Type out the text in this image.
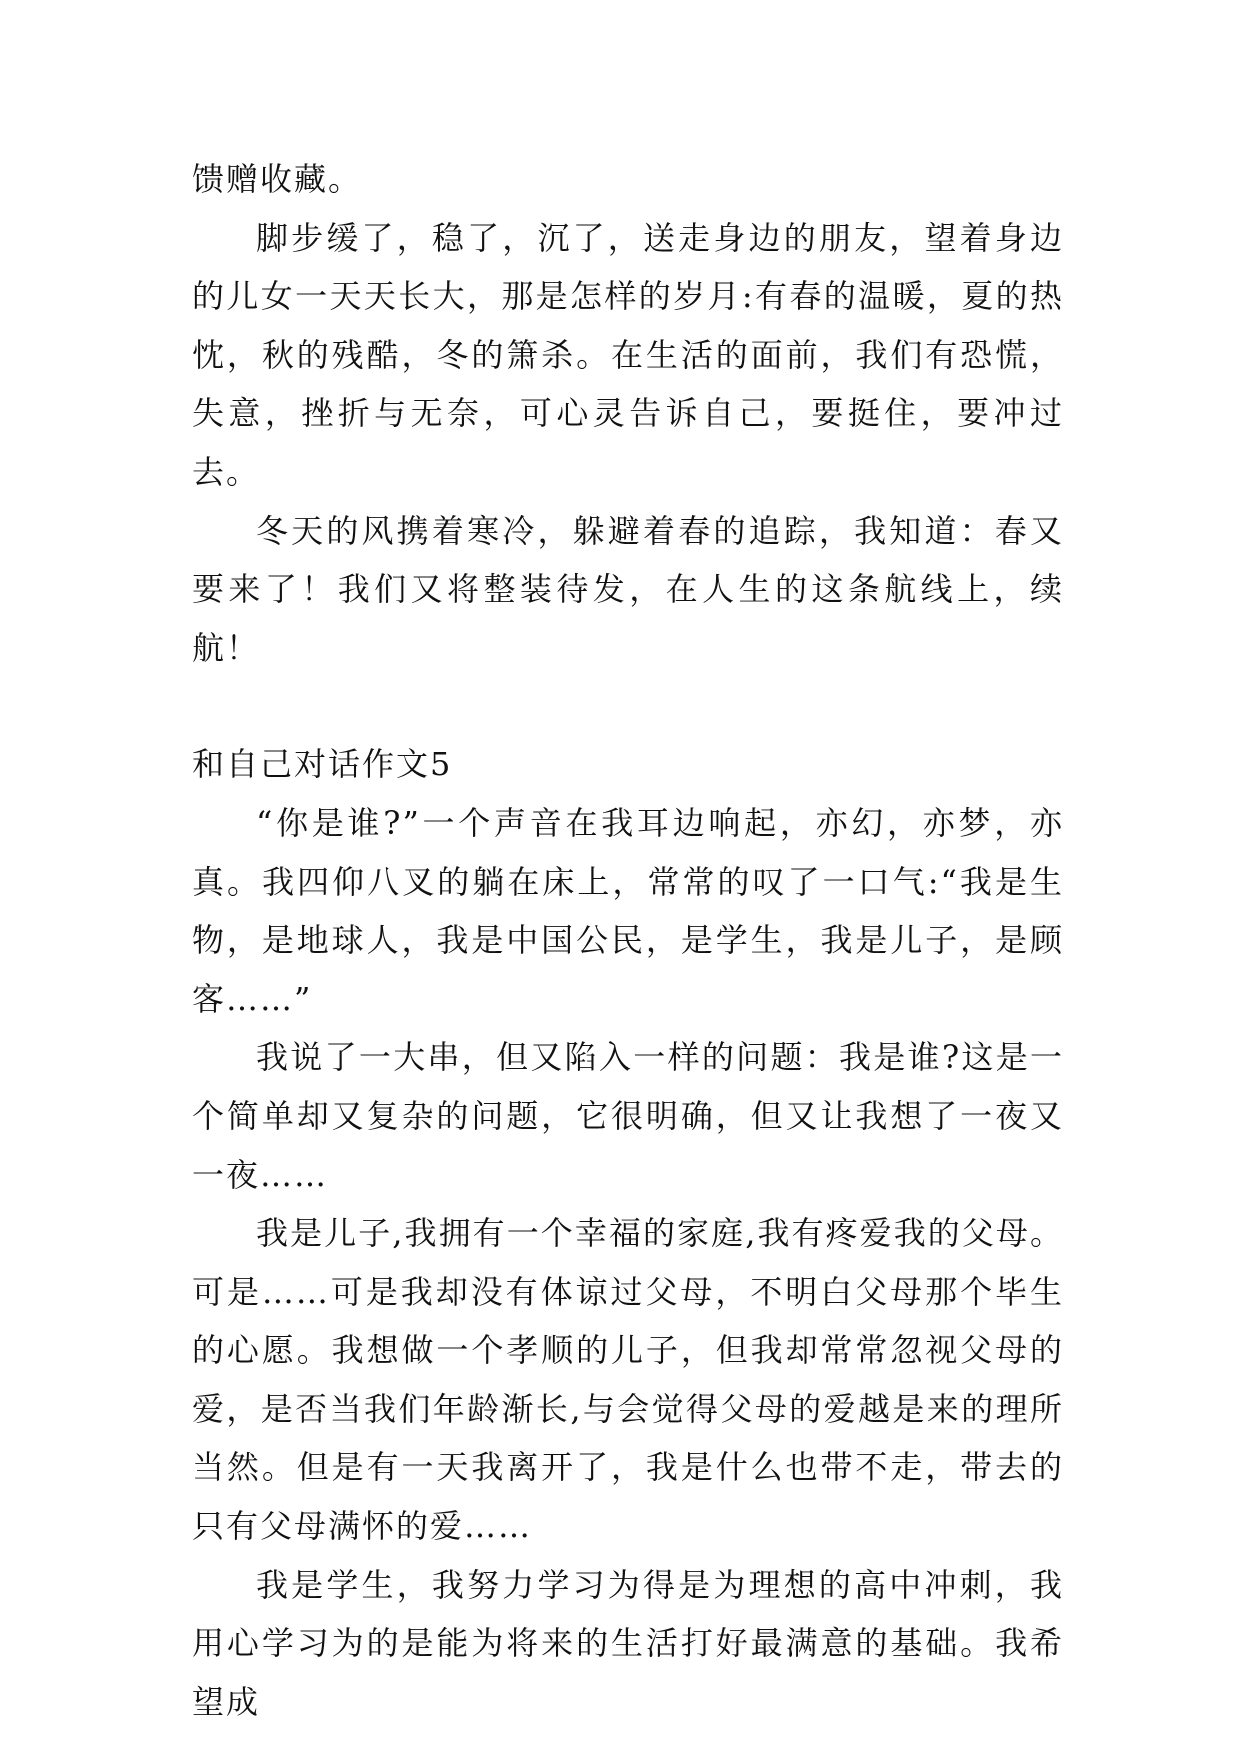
馈赠收藏。

脚步缓了，稳了，沉了，送走身边的朋友，望着身边的儿女一天天长大，那是怎样的岁月:有春的温暖，夏的热忱，秋的残酷，冬的箫杀。在生活的面前，我们有恐慌，失意，挫折与无奈，可心灵告诉自己，要挺住，要冲过去。

冬天的风携着寒冷，躲避着春的追踪，我知道：春又要来了！我们又将整装待发，在人生的这条航线上，续航！

和自己对话作文5

“你是谁?”一个声音在我耳边响起，亦幻，亦梦，亦真。我四仰八叉的躺在床上，常常的叹了一口气:“我是生物，是地球人，我是中国公民，是学生，我是儿子，是顾客……”

我说了一大串，但又陷入一样的问题：我是谁?这是一个简单却又复杂的问题，它很明确，但又让我想了一夜又一夜……

我是儿子,我拥有一个幸福的家庭,我有疼爱我的父母。可是……可是我却没有体谅过父母，不明白父母那个毕生的心愿。我想做一个孝顺的儿子，但我却常常忽视父母的爱，是否当我们年龄渐长,与会觉得父母的爱越是来的理所当然。但是有一天我离开了，我是什么也带不走，带去的只有父母满怀的爱……

我是学生，我努力学习为得是为理想的高中冲刺，我用心学习为的是能为将来的生活打好最满意的基础。我希望成
